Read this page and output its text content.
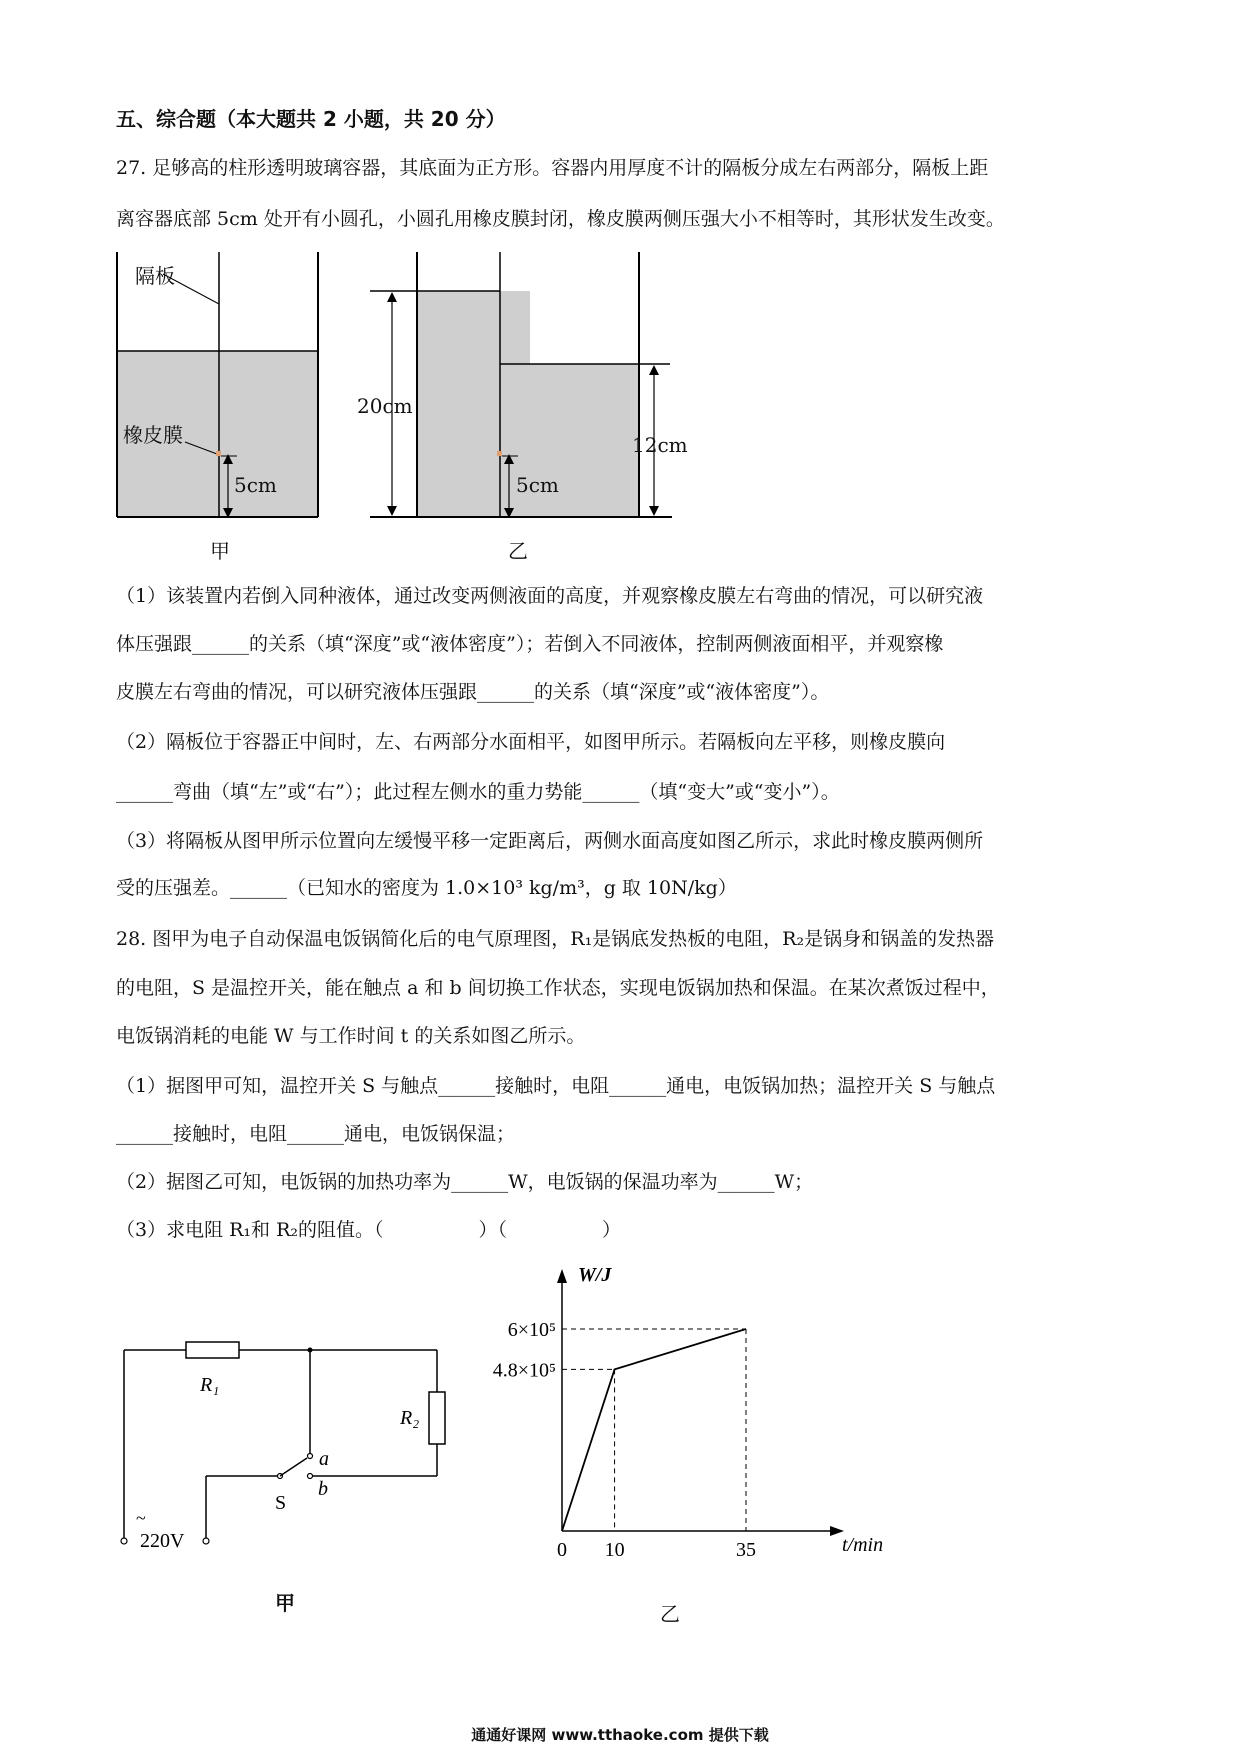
五、综合题（本大题共 2 小题，共 20 分）
27. 足够高的柱形透明玻璃容器，其底面为正方形。容器内用厚度不计的隔板分成左右两部分，隔板上距
离容器底部 5cm 处开有小圆孔，小圆孔用橡皮膜封闭，橡皮膜两侧压强大小不相等时，其形状发生改变。
隔板
橡皮膜
5cm
甲
20cm
5cm
12cm
乙
（1）该装置内若倒入同种液体，通过改变两侧液面的高度，并观察橡皮膜左右弯曲的情况，可以研究液
体压强跟______的关系（填“深度”或“液体密度”）；若倒入不同液体，控制两侧液面相平，并观察橡
皮膜左右弯曲的情况，可以研究液体压强跟______的关系（填“深度”或“液体密度”）。
（2）隔板位于容器正中间时，左、右两部分水面相平，如图甲所示。若隔板向左平移，则橡皮膜向
______弯曲（填“左”或“右”）；此过程左侧水的重力势能______（填“变大”或“变小”）。
（3）将隔板从图甲所示位置向左缓慢平移一定距离后，两侧水面高度如图乙所示，求此时橡皮膜两侧所
受的压强差。______（已知水的密度为 1.0×10³ kg/m³，g 取 10N/kg）
28. 图甲为电子自动保温电饭锅简化后的电气原理图，R₁是锅底发热板的电阻，R₂是锅身和锅盖的发热器
的电阻，S 是温控开关，能在触点 a 和 b 间切换工作状态，实现电饭锅加热和保温。在某次煮饭过程中，
电饭锅消耗的电能 W 与工作时间 t 的关系如图乙所示。
（1）据图甲可知，温控开关 S 与触点______接触时，电阻______通电，电饭锅加热；温控开关 S 与触点
______接触时，电阻______通电，电饭锅保温；
（2）据图乙可知，电饭锅的加热功率为______W，电饭锅的保温功率为______W；
（3）求电阻 R₁和 R₂的阻值。（　　　　　）（　　　　　）
R₁
R₂
a
b
S
~
220V
甲
W/J
t/min
0 10	35
4.8×10⁵
6×10⁵
乙
通通好课网 www.tthaoke.com 提供下载
